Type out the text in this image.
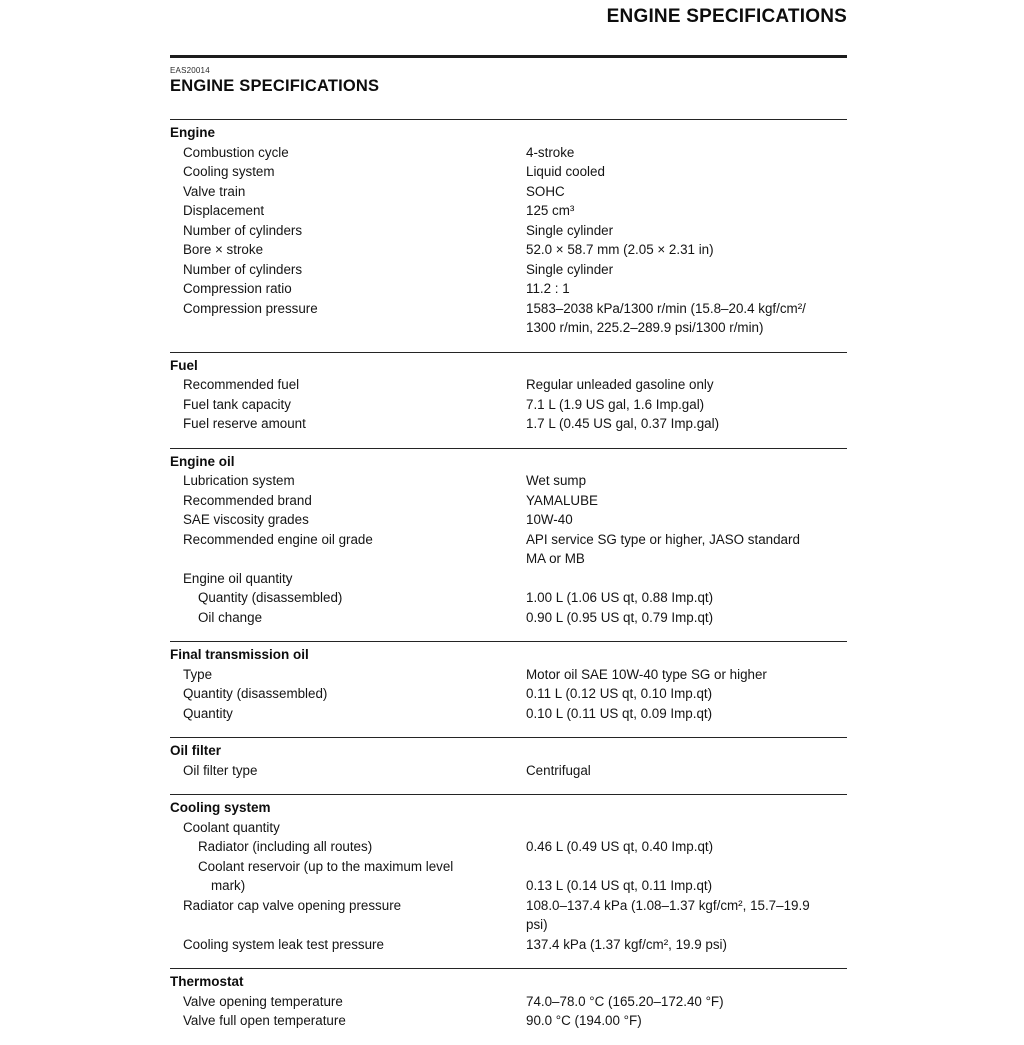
ENGINE SPECIFICATIONS
EAS20014
ENGINE SPECIFICATIONS
Engine
Combustion cycle	4-stroke
Cooling system	Liquid cooled
Valve train	SOHC
Displacement	125 cm³
Number of cylinders	Single cylinder
Bore × stroke	52.0 × 58.7 mm (2.05 × 2.31 in)
Number of cylinders	Single cylinder
Compression ratio	11.2 : 1
Compression pressure	1583–2038 kPa/1300 r/min (15.8–20.4 kgf/cm²/
1300 r/min, 225.2–289.9 psi/1300 r/min)
Fuel
Recommended fuel	Regular unleaded gasoline only
Fuel tank capacity	7.1 L (1.9 US gal, 1.6 Imp.gal)
Fuel reserve amount	1.7 L (0.45 US gal, 0.37 Imp.gal)
Engine oil
Lubrication system	Wet sump
Recommended brand	YAMALUBE
SAE viscosity grades	10W-40
Recommended engine oil grade	API service SG type or higher, JASO standard
MA or MB
Engine oil quantity
Quantity (disassembled)	1.00 L (1.06 US qt, 0.88 Imp.qt)
Oil change	0.90 L (0.95 US qt, 0.79 Imp.qt)
Final transmission oil
Type	Motor oil SAE 10W-40 type SG or higher
Quantity (disassembled)	0.11 L (0.12 US qt, 0.10 Imp.qt)
Quantity	0.10 L (0.11 US qt, 0.09 Imp.qt)
Oil filter
Oil filter type	Centrifugal
Cooling system
Coolant quantity
Radiator (including all routes)	0.46 L (0.49 US qt, 0.40 Imp.qt)
Coolant reservoir (up to the maximum level
mark)	0.13 L (0.14 US qt, 0.11 Imp.qt)
Radiator cap valve opening pressure	108.0–137.4 kPa (1.08–1.37 kgf/cm², 15.7–19.9
psi)
Cooling system leak test pressure	137.4 kPa (1.37 kgf/cm², 19.9 psi)
Thermostat
Valve opening temperature	74.0–78.0 °C (165.20–172.40 °F)
Valve full open temperature	90.0 °C (194.00 °F)
